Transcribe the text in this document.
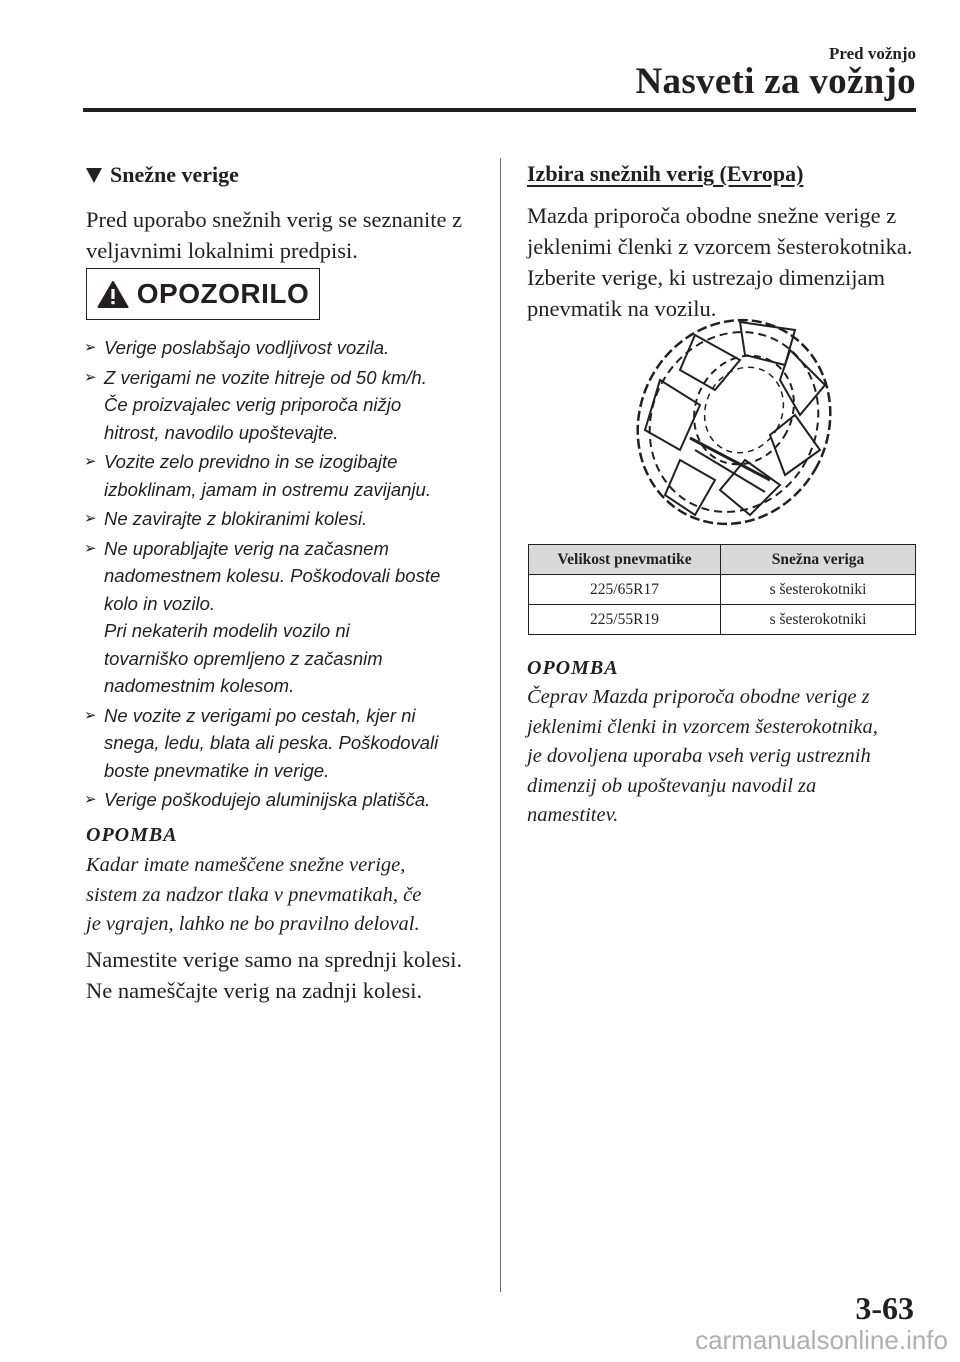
Pred vožnjo
Nasveti za vožnjo
Snežne verige
Pred uporabo snežnih verig se seznanite z
veljavnimi lokalnimi predpisi.
OPOZORILO
➢ Verige poslabšajo vodljivost vozila.
➢ Z verigami ne vozite hitreje od 50 km/h.
Če proizvajalec verig priporoča nižjo
hitrost, navodilo upoštevajte.
➢ Vozite zelo previdno in se izogibajte
izboklinam, jamam in ostremu zavijanju.
➢ Ne zavirajte z blokiranimi kolesi.
➢ Ne uporabljajte verig na začasnem
nadomestnem kolesu. Poškodovali boste
kolo in vozilo.
Pri nekaterih modelih vozilo ni
tovarniško opremljeno z začasnim
nadomestnim kolesom.
➢ Ne vozite z verigami po cestah, kjer ni
snega, ledu, blata ali peska. Poškodovali
boste pnevmatike in verige.
➢ Verige poškodujejo aluminijska platišča.
OPOMBA
Kadar imate nameščene snežne verige,
sistem za nadzor tlaka v pnevmatikah, če
je vgrajen, lahko ne bo pravilno deloval.
Namestite verige samo na sprednji kolesi.
Ne nameščajte verig na zadnji kolesi.
Izbira snežnih verig (Evropa)
Mazda priporoča obodne snežne verige z
jeklenimi členki z vzorcem šesterokotnika.
Izberite verige, ki ustrezajo dimenzijam
pnevmatik na vozilu.
Velikost pnevmatike	Snežna veriga
225/65R17	s šesterokotniki
225/55R19	s šesterokotniki
OPOMBA
Čeprav Mazda priporoča obodne verige z
jeklenimi členki in vzorcem šesterokotnika,
je dovoljena uporaba vseh verig ustreznih
dimenzij ob upoštevanju navodil za
namestitev.
3-63
carmanualsonline.info
